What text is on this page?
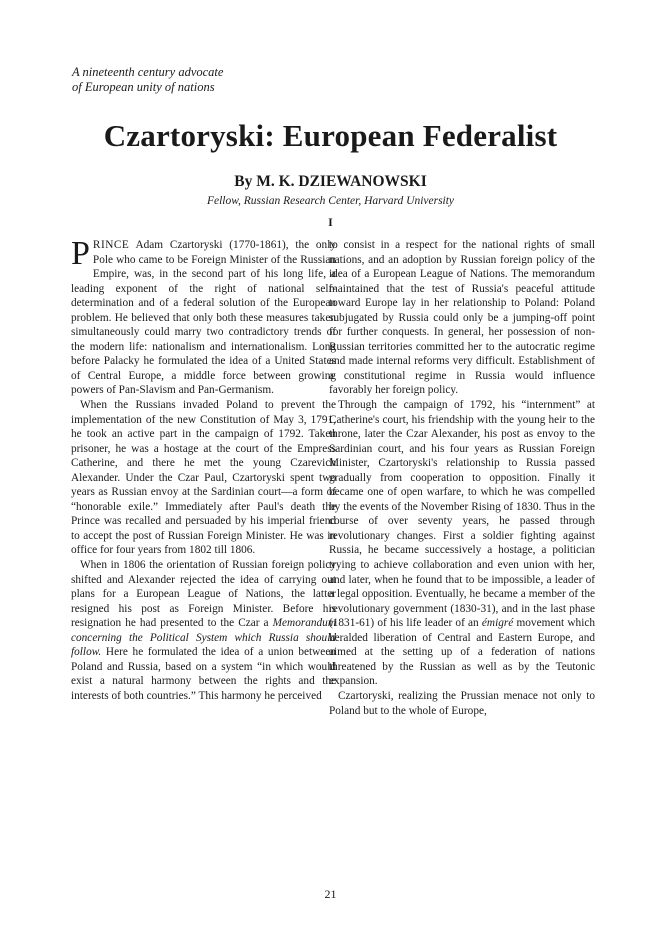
A nineteenth century advocate
of European unity of nations
Czartoryski: European Federalist
By M. K. DZIEWANOWSKI
Fellow, Russian Research Center, Harvard University
I

PRINCE Adam Czartoryski (1770-1861), the only Pole who came to be Foreign Minister of the Russian Empire, was, in the second part of his long life, a leading exponent of the right of national self-determination and of a federal solution of the European problem. He believed that only both these measures taken simultaneously could marry two contradictory trends of the modern life: nationalism and internationalism. Long before Palacky he formulated the idea of a United States of Central Europe, a middle force between growing powers of Pan-Slavism and Pan-Germanism.

When the Russians invaded Poland to prevent the implementation of the new Constitution of May 3, 1791, he took an active part in the campaign of 1792. Taken prisoner, he was a hostage at the court of the Empress Catherine, and there he met the young Czarevich Alexander. Under the Czar Paul, Czartoryski spent two years as Russian envoy at the Sardinian court—a form of “honorable exile.” Immediately after Paul's death the Prince was recalled and persuaded by his imperial friend to accept the post of Russian Foreign Minister. He was in office for four years from 1802 till 1806.

When in 1806 the orientation of Russian foreign policy shifted and Alexander rejected the idea of carrying out plans for a European League of Nations, the latter resigned his post as Foreign Minister. Before his resignation he had presented to the Czar a Memorandum concerning the Political System which Russia should follow. Here he formulated the idea of a union between Poland and Russia, based on a system “in which would exist a natural harmony between the rights and the interests of both countries.” This harmony he perceived

to consist in a respect for the national rights of small nations, and an adoption by Russian foreign policy of the idea of a European League of Nations. The memorandum maintained that the test of Russia's peaceful attitude toward Europe lay in her relationship to Poland: Poland subjugated by Russia could only be a jumping-off point for further conquests. In general, her possession of non-Russian territories committed her to the autocratic regime and made internal reforms very difficult. Establishment of a constitutional regime in Russia would influence favorably her foreign policy.

Through the campaign of 1792, his “internment” at Catherine's court, his friendship with the young heir to the throne, later the Czar Alexander, his post as envoy to the Sardinian court, and his four years as Russian Foreign Minister, Czartoryski's relationship to Russia passed gradually from cooperation to opposition. Finally it became one of open warfare, to which he was compelled by the events of the November Rising of 1830. Thus in the course of over seventy years, he passed through revolutionary changes. First a soldier fighting against Russia, he became successively a hostage, a politician trying to achieve collaboration and even union with her, and later, when he found that to be impossible, a leader of a legal opposition. Eventually, he became a member of the revolutionary government (1830-31), and in the last phase (1831-61) of his life leader of an émigré movement which heralded liberation of Central and Eastern Europe, and aimed at the setting up of a federation of nations threatened by the Russian as well as by the Teutonic expansion.

Czartoryski, realizing the Prussian menace not only to Poland but to the whole of Europe,

21
